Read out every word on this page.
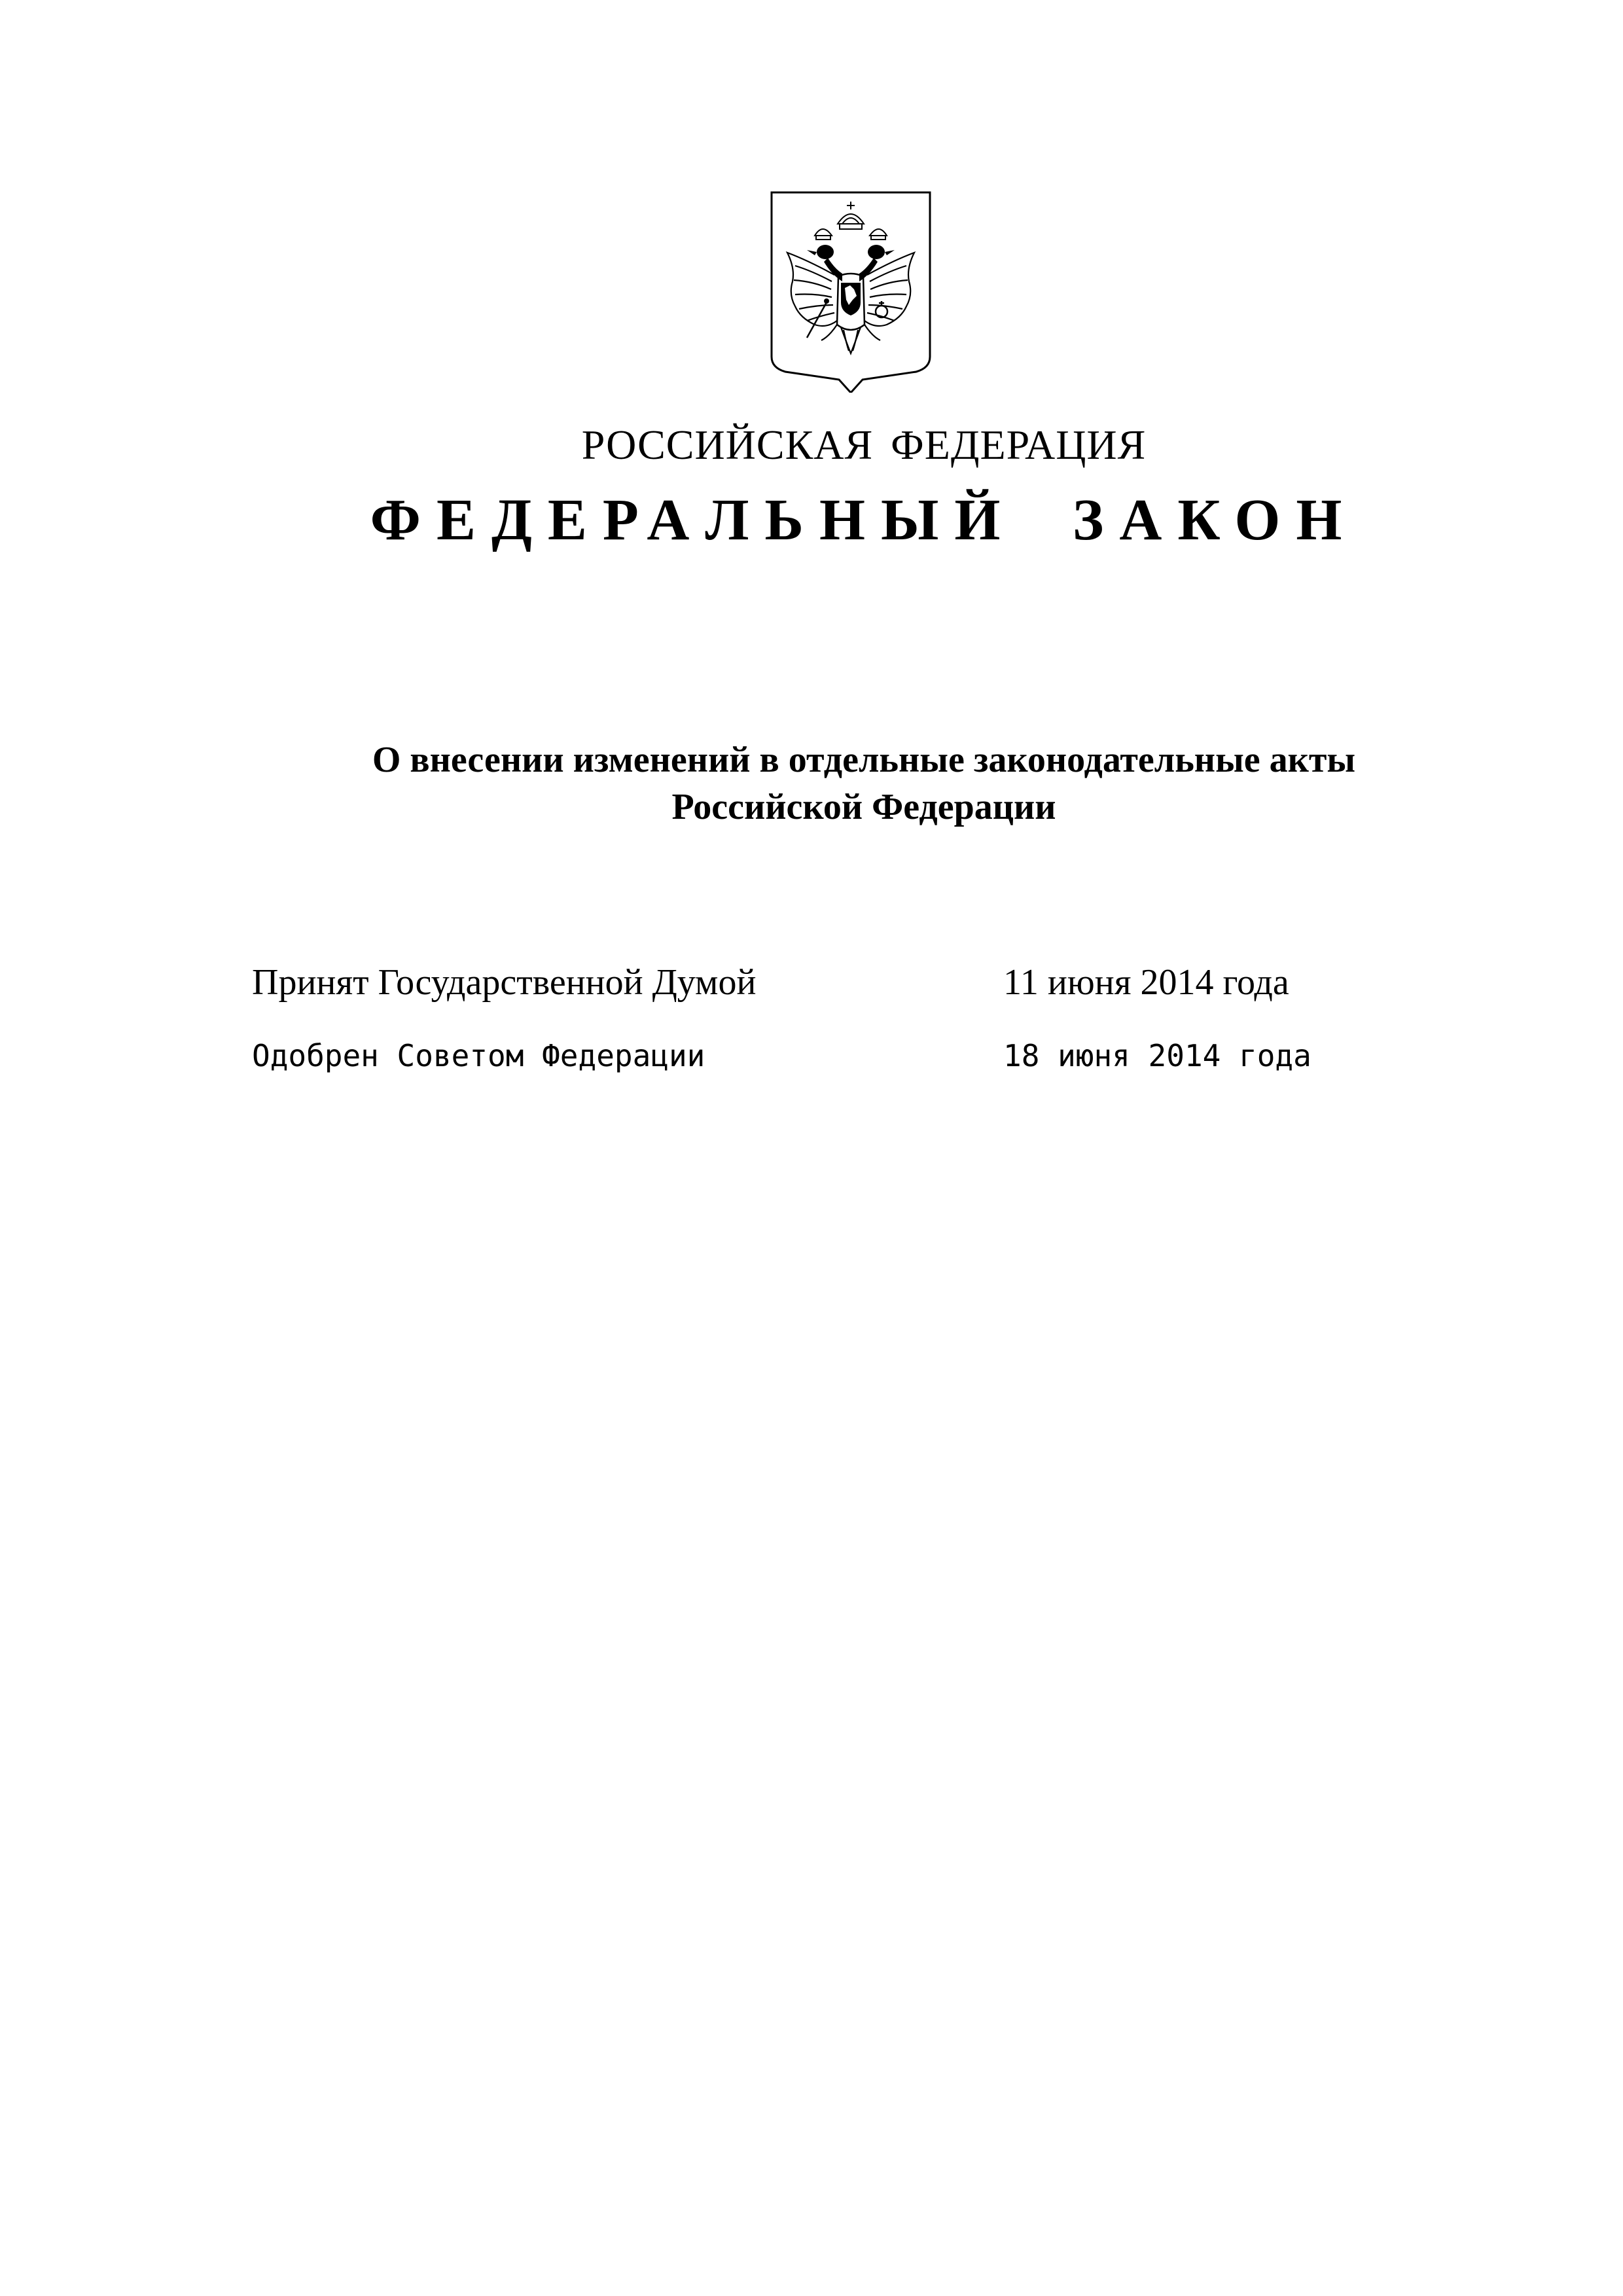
РОССИЙСКАЯ ФЕДЕРАЦИЯ
ФЕДЕРАЛЬНЫЙ ЗАКОН
О внесении изменений в отдельные законодательные акты
Российской Федерации
Принят Государственной Думой	11 июня 2014 года
Одобрен Советом Федерации	18 июня 2014 года
